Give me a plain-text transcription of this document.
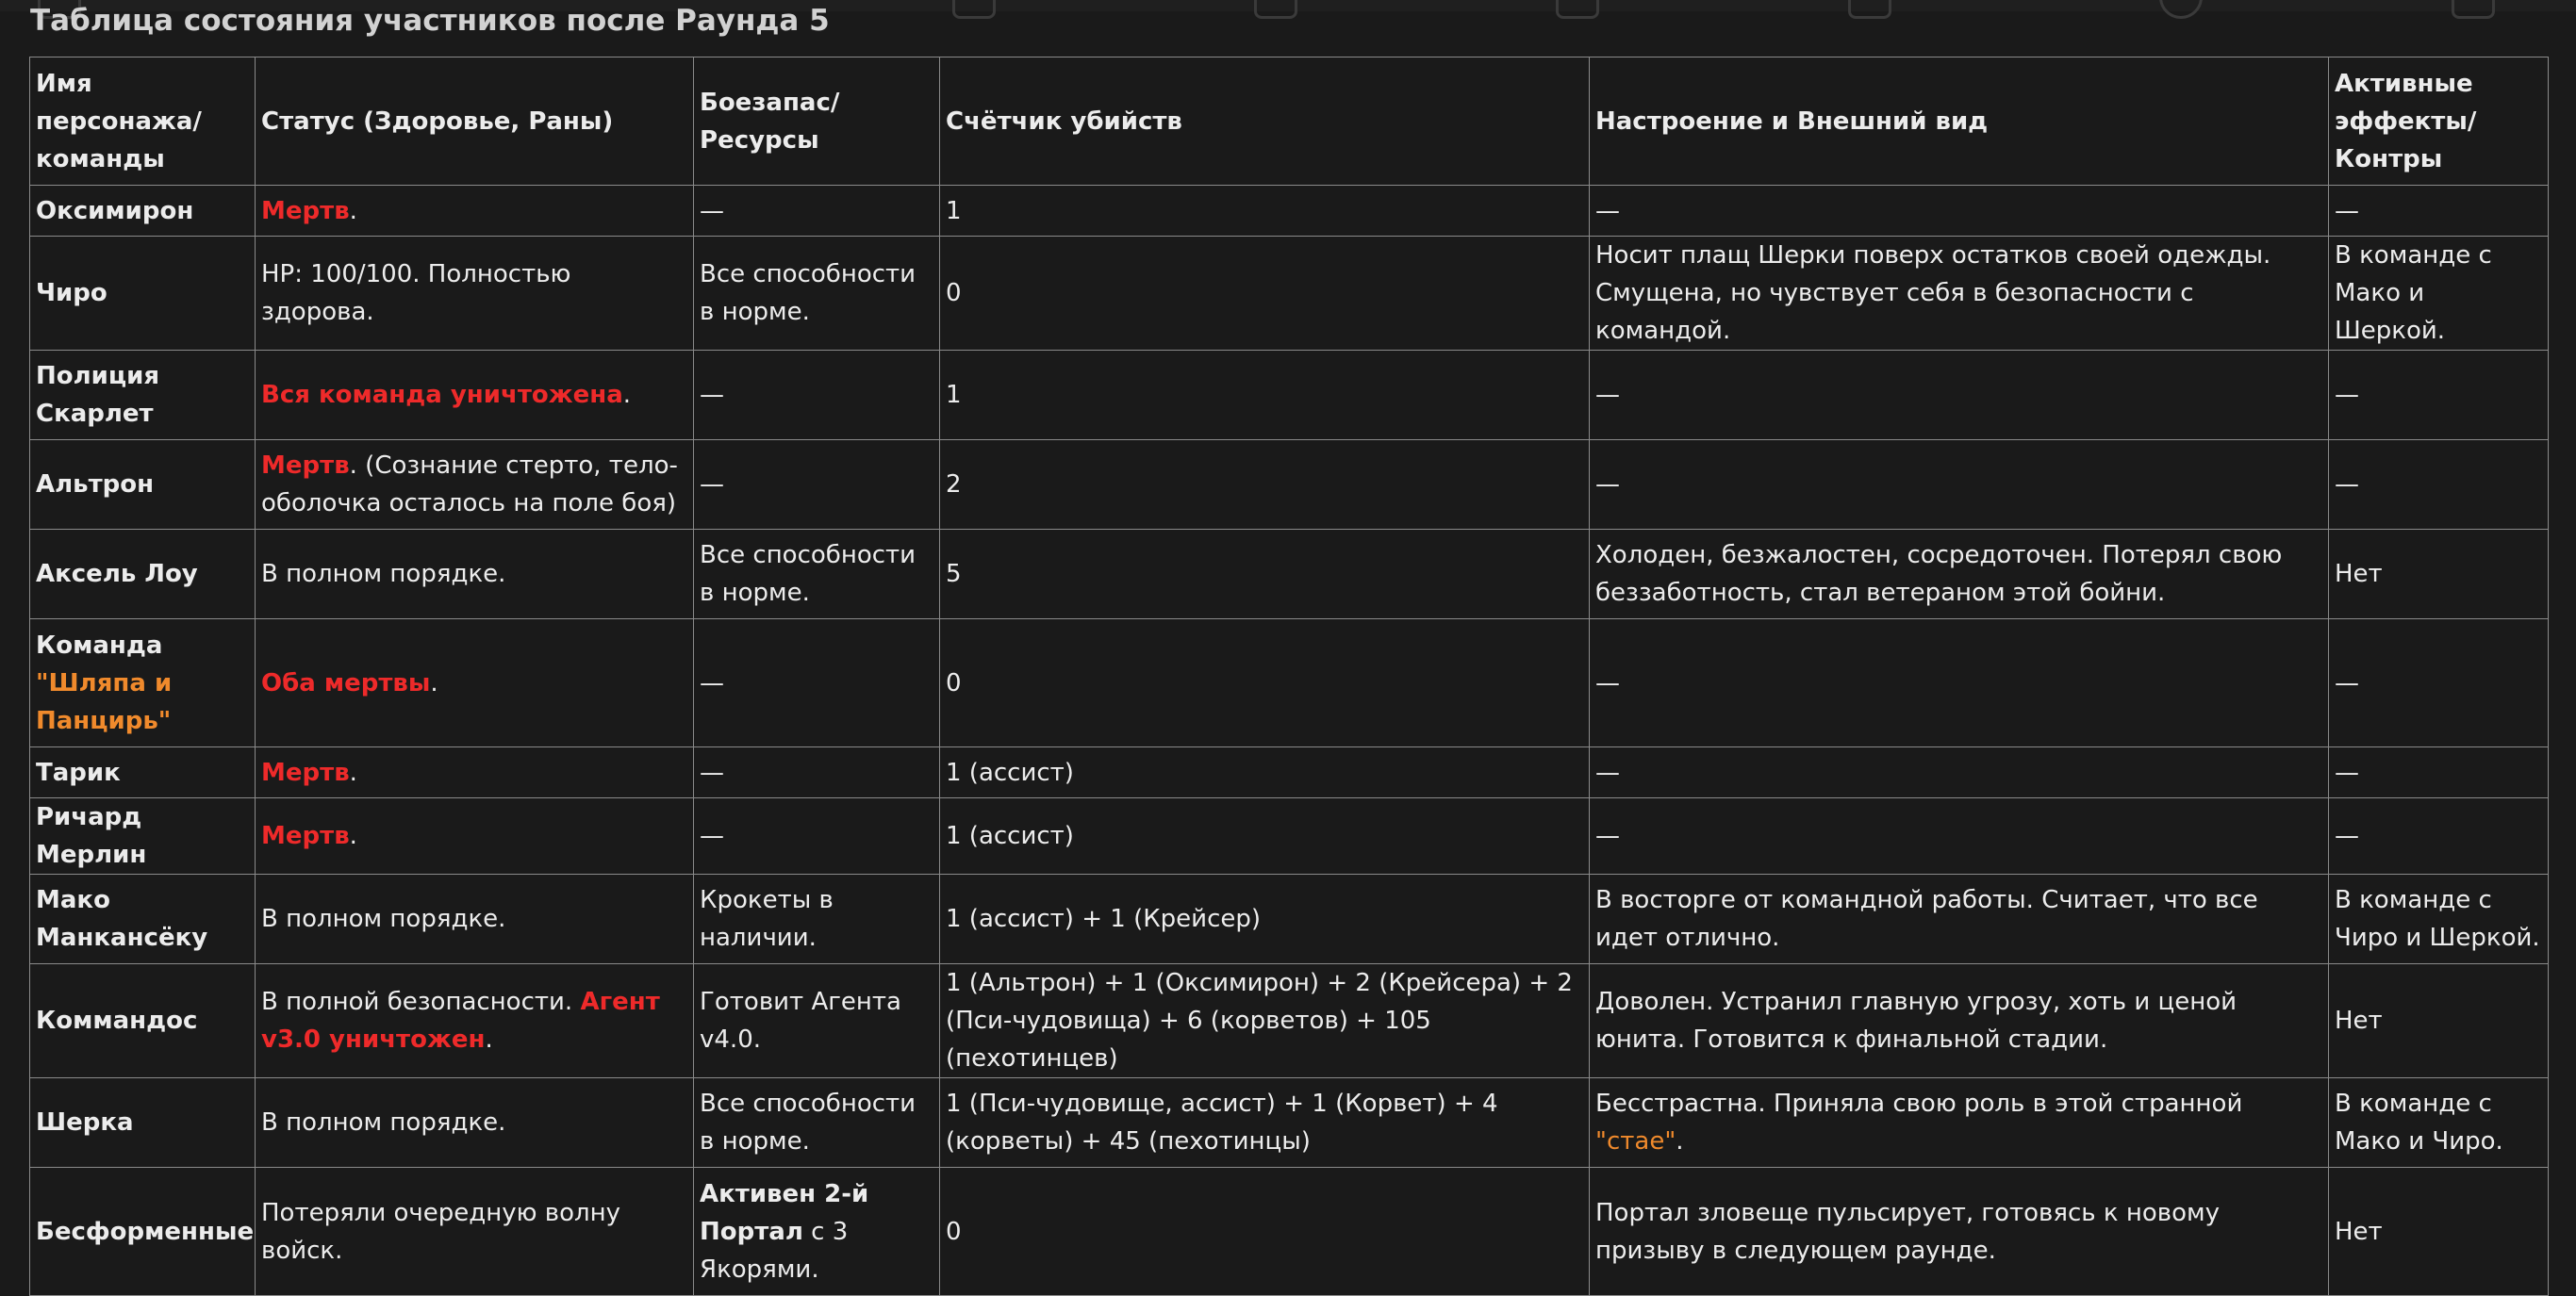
Таблица состояния участников после Раунда 5
Имя персонажа/ команды	Статус (Здоровье, Раны)	Боезапас/ Ресурсы	Счётчик убийств	Настроение и Внешний вид	Активные эффекты/ Контры
Оксимирон	Мертв.	—	1	—	—
Чиро	HP: 100/100. Полностью здорова.	Все способности в норме.	0	Носит плащ Шерки поверх остатков своей одежды. Смущена, но чувствует себя в безопасности с командой.	В команде с Мако и Шеркой.
Полиция Скарлет	Вся команда уничтожена.	—	1	—	—
Альтрон	Мертв. (Сознание стерто, тело-оболочка осталось на поле боя)	—	2	—	—
Аксель Лоу	В полном порядке.	Все способности в норме.	5	Холоден, безжалостен, сосредоточен. Потерял свою беззаботность, стал ветераном этой бойни.	Нет
Команда "Шляпа и Панцирь"	Оба мертвы.	—	0	—	—
Тарик	Мертв.	—	1 (ассист)	—	—
Ричард Мерлин	Мертв.	—	1 (ассист)	—	—
Мако Манкансёку	В полном порядке.	Крокеты в наличии.	1 (ассист) + 1 (Крейсер)	В восторге от командной работы. Считает, что все идет отлично.	В команде с Чиро и Шеркой.
Коммандос	В полной безопасности. Агент v3.0 уничтожен.	Готовит Агента v4.0.	1 (Альтрон) + 1 (Оксимирон) + 2 (Крейсера) + 2 (Пси-чудовища) + 6 (корветов) + 105 (пехотинцев)	Доволен. Устранил главную угрозу, хоть и ценой юнита. Готовится к финальной стадии.	Нет
Шерка	В полном порядке.	Все способности в норме.	1 (Пси-чудовище, ассист) + 1 (Корвет) + 4 (корветы) + 45 (пехотинцы)	Бесстрастна. Приняла свою роль в этой странной "стае".	В команде с Мако и Чиро.
Бесформенные	Потеряли очередную волну войск.	Активен 2-й Портал с 3 Якорями.	0	Портал зловеще пульсирует, готовясь к новому призыву в следующем раунде.	Нет
